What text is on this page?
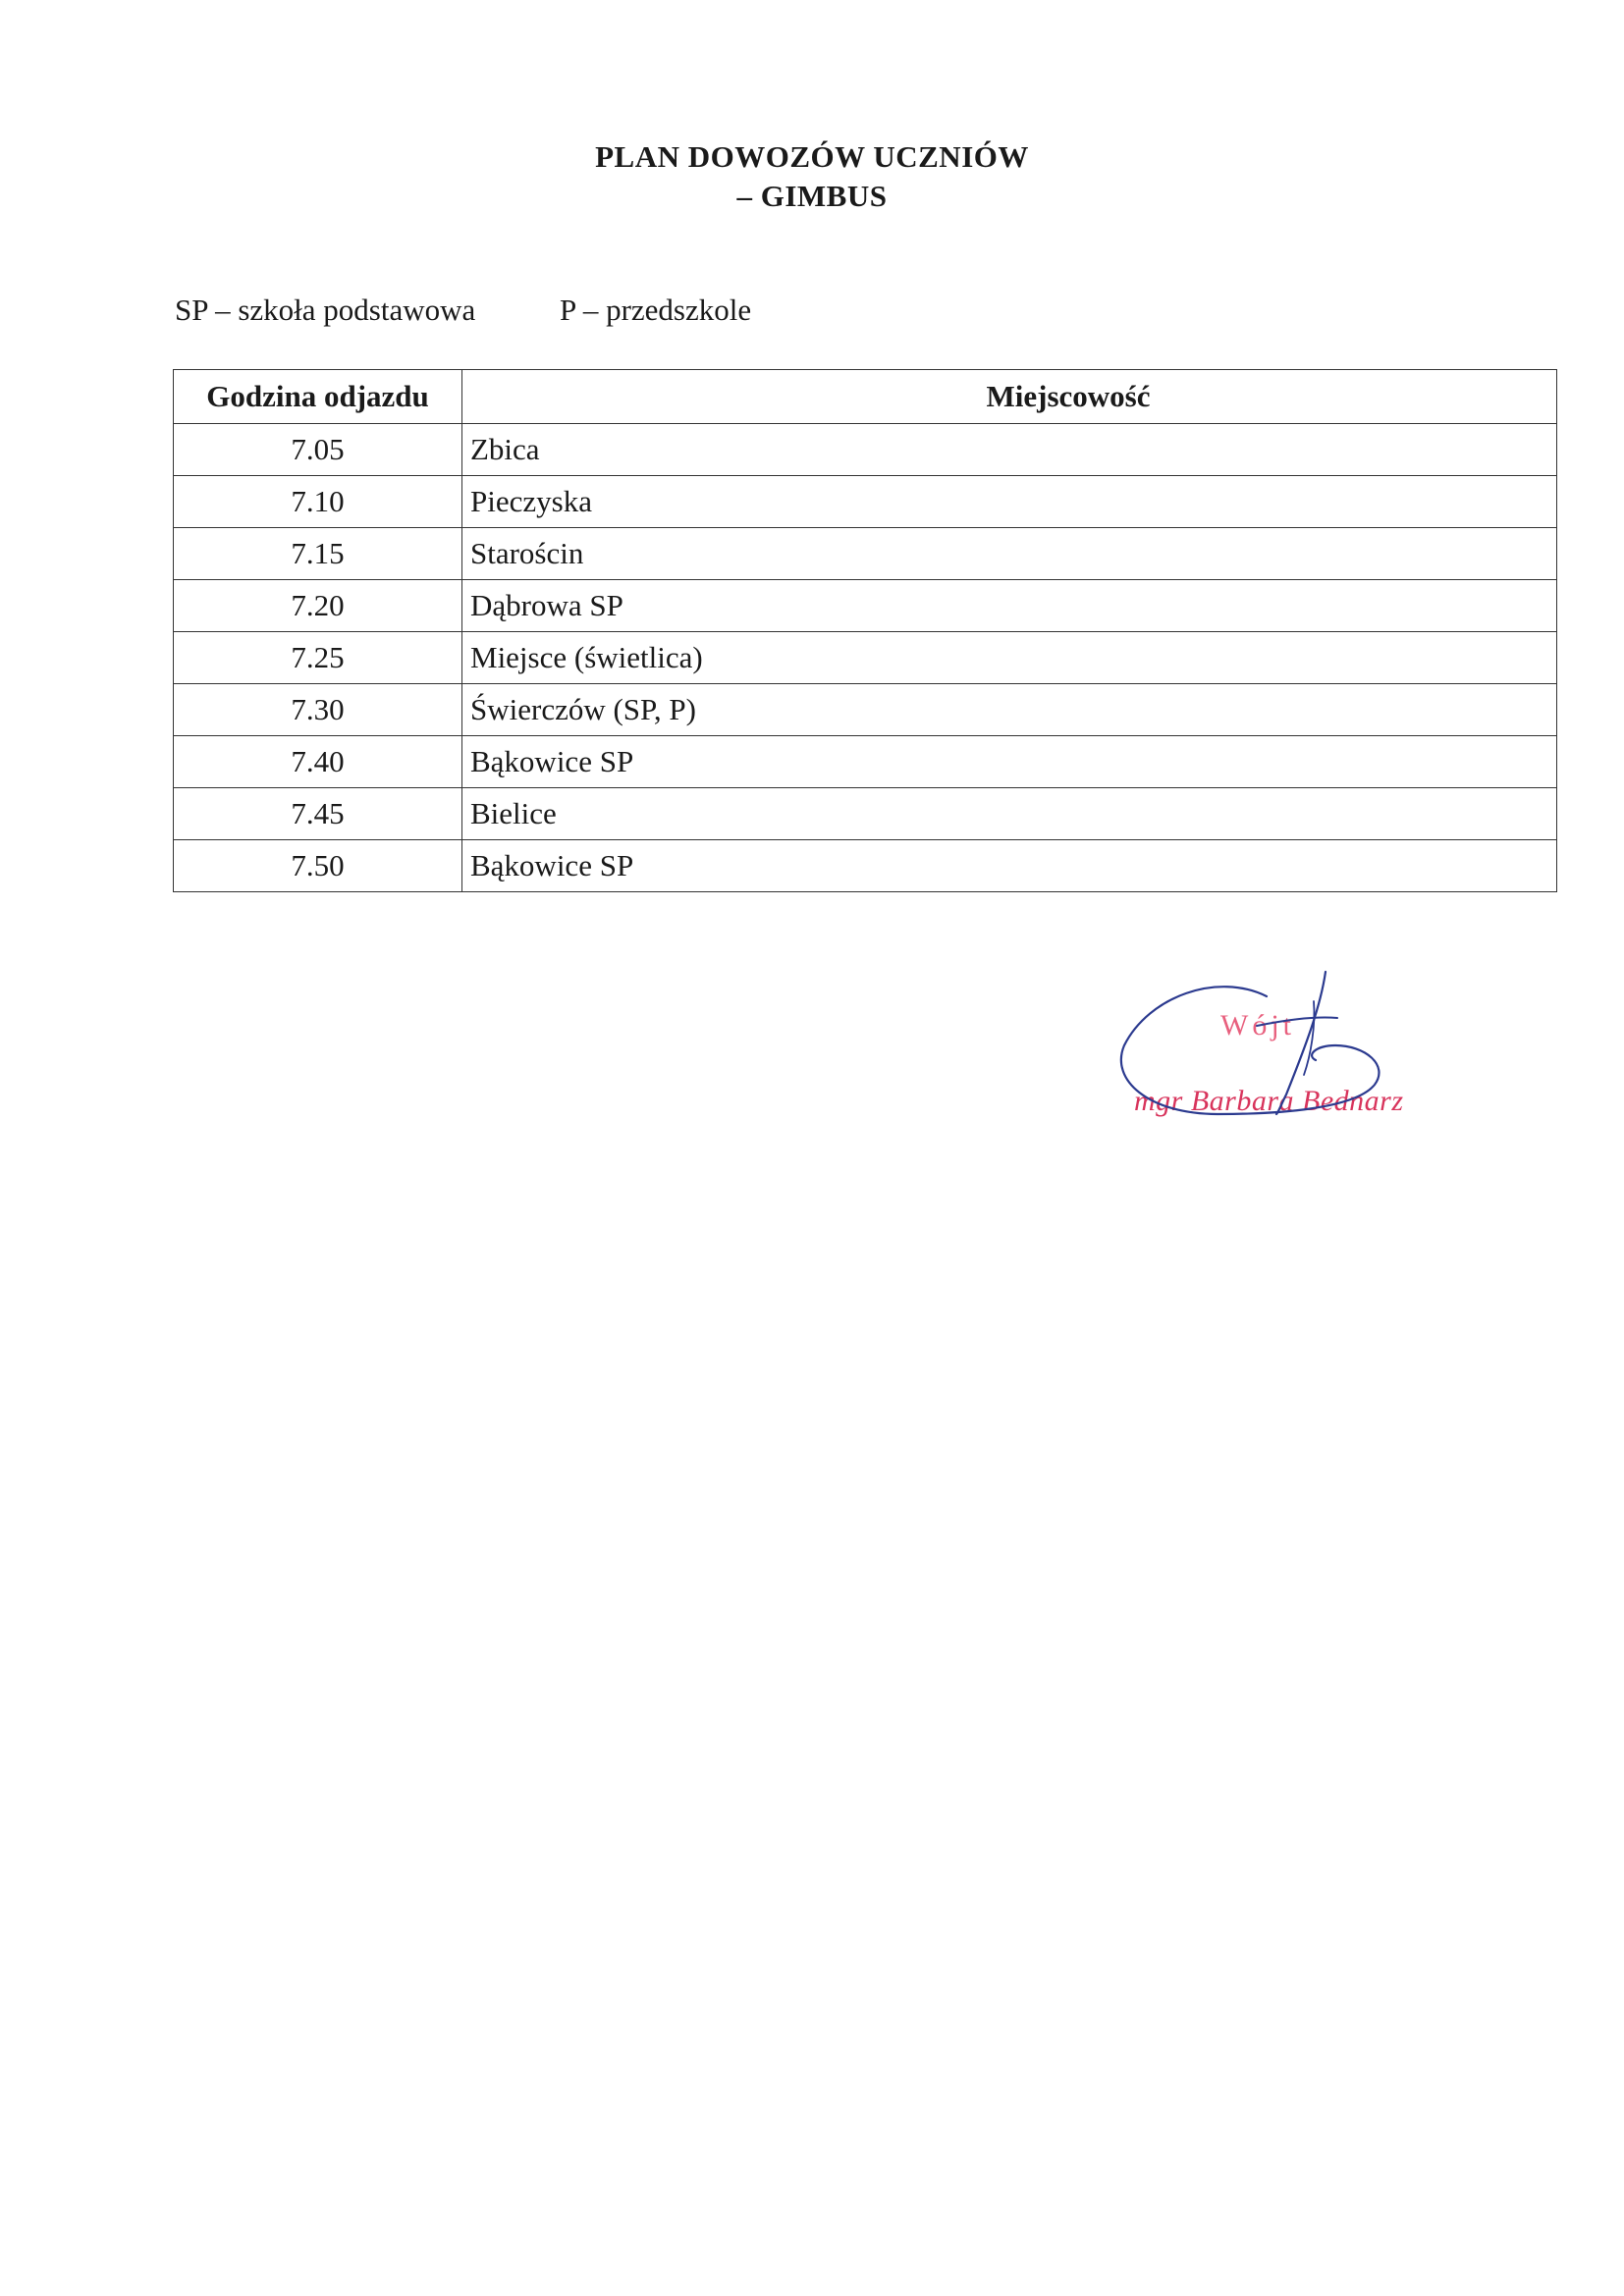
PLAN DOWOZÓW UCZNIÓW
– GIMBUS
SP – szkoła podstawowa	P – przedszkole
Godzina odjazdu	Miejscowość
7.05	Zbica
7.10	Pieczyska
7.15	Starościn
7.20	Dąbrowa SP
7.25	Miejsce (świetlica)
7.30	Świerczów (SP, P)
7.40	Bąkowice SP
7.45	Bielice
7.50	Bąkowice SP
Wójt
mgr Barbara Bednarz
